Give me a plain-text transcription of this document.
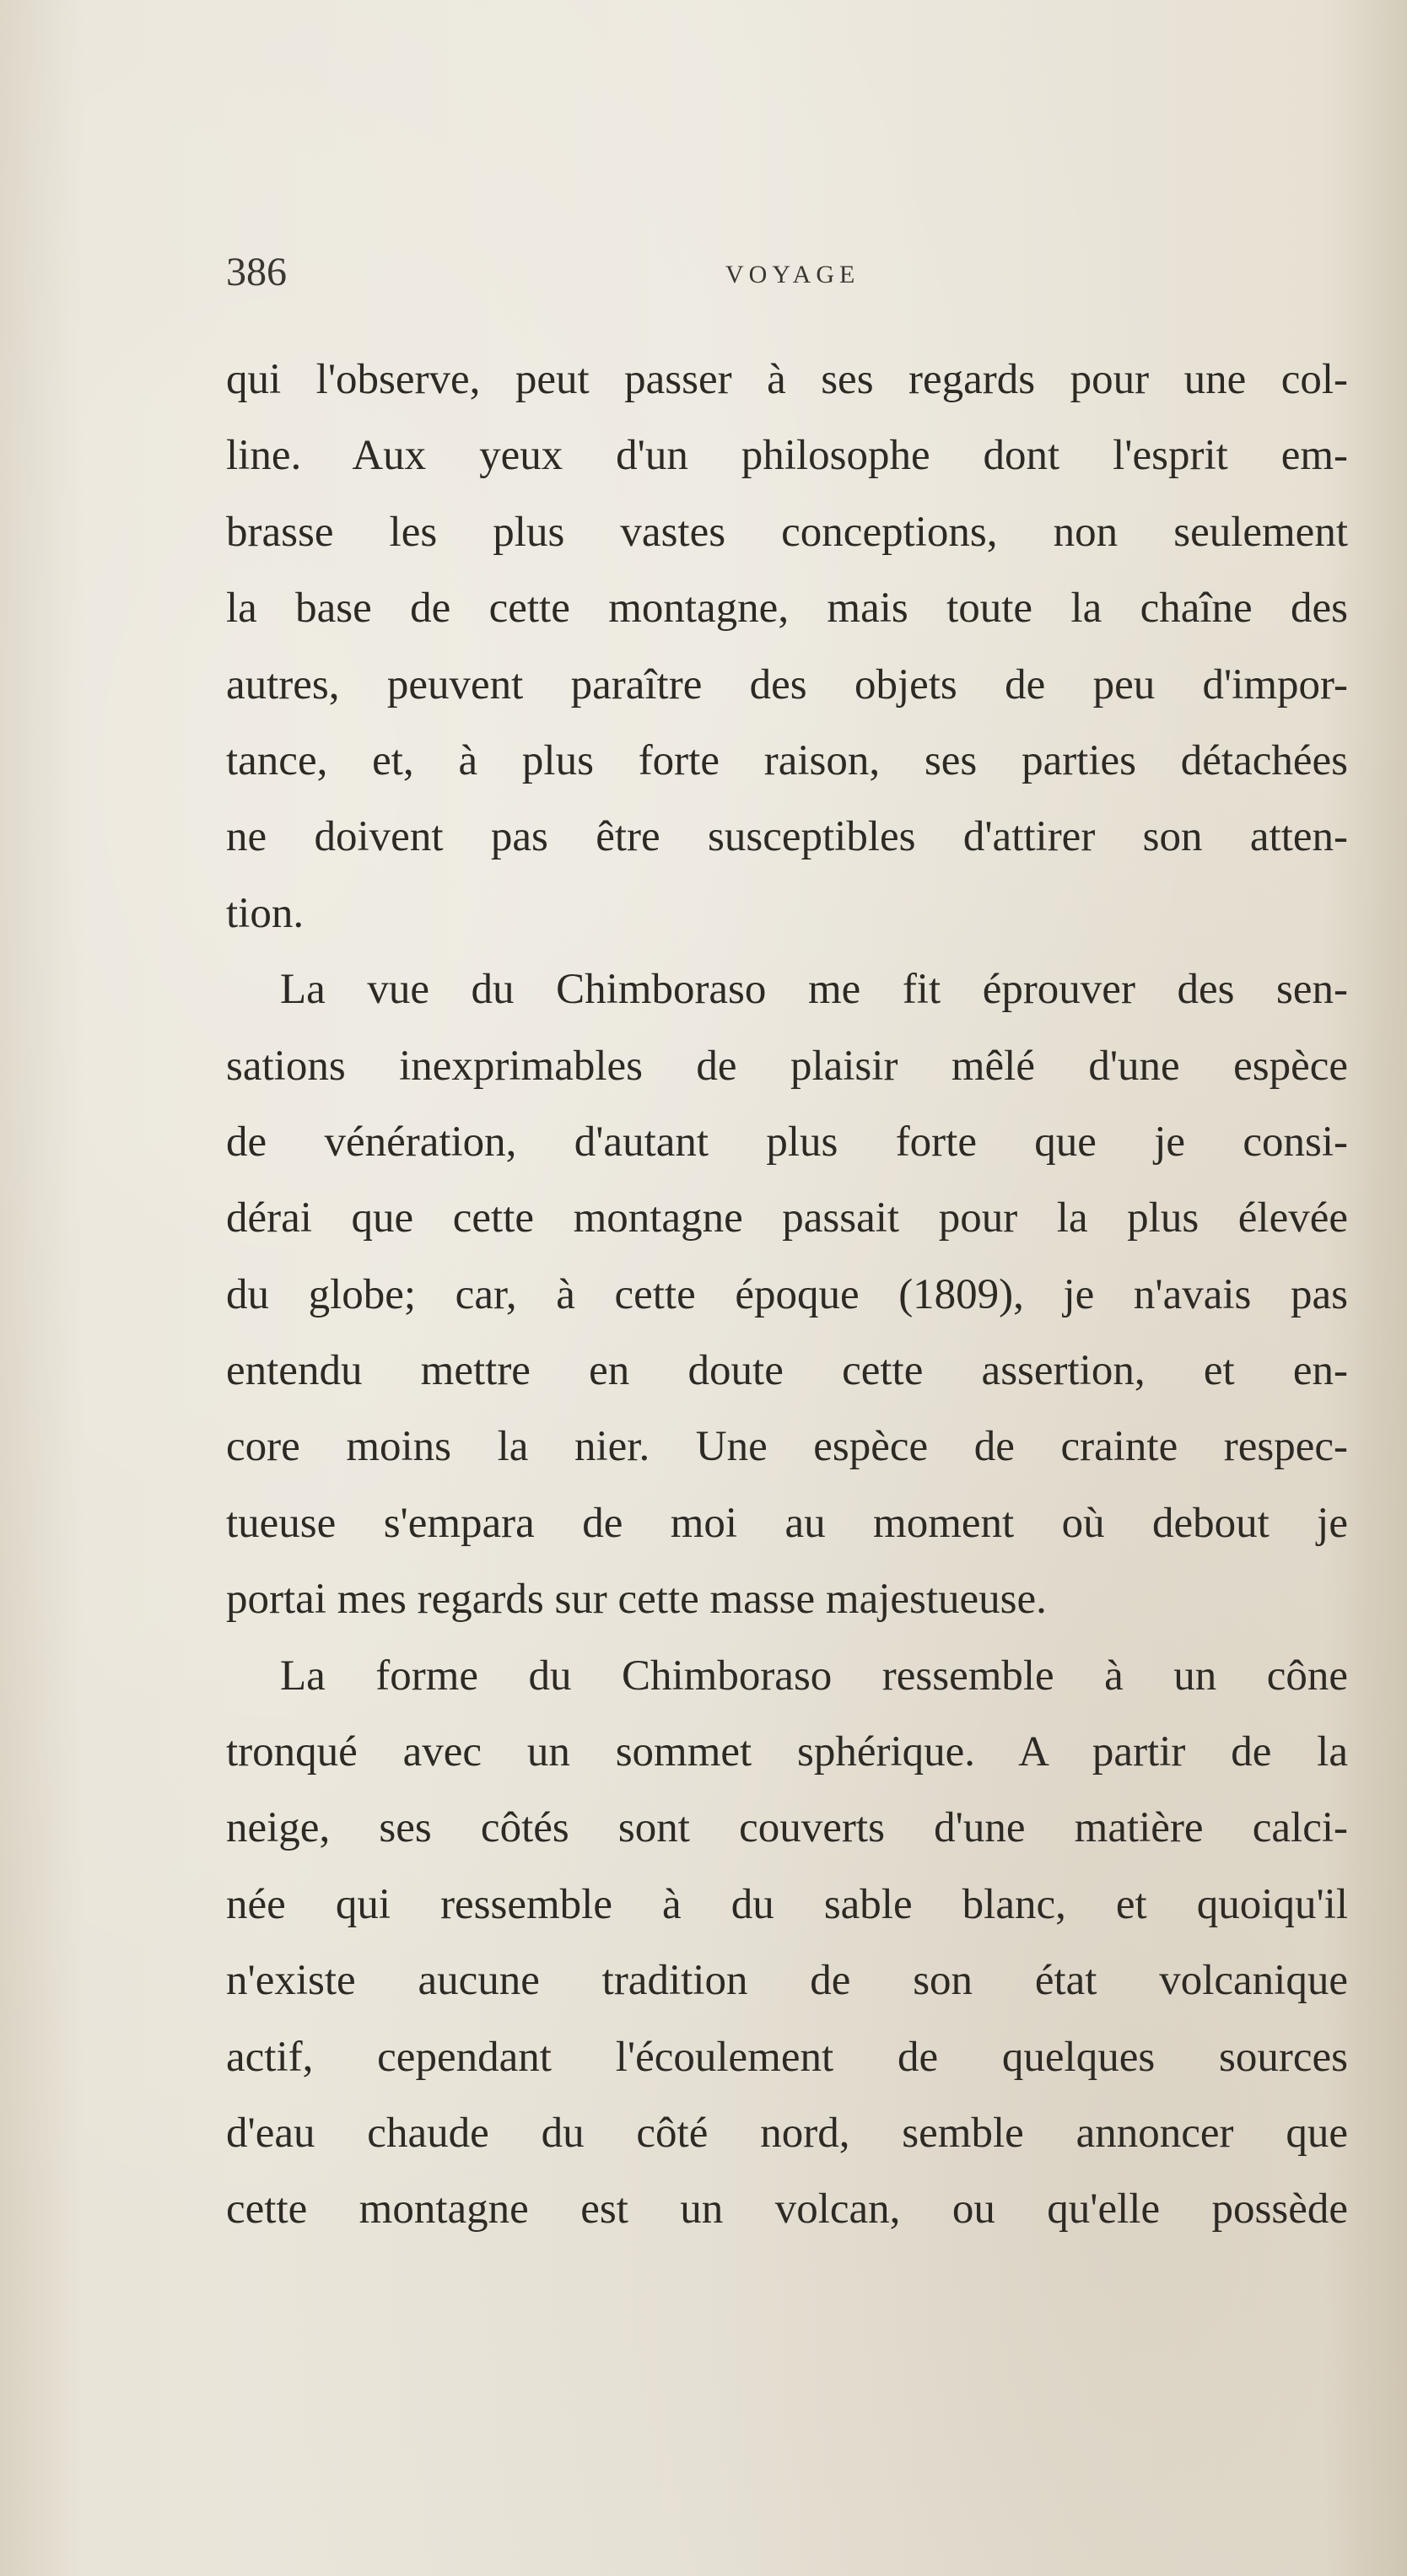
386	VOYAGE
qui l'observe, peut passer à ses regards pour une col-
line. Aux yeux d'un philosophe dont l'esprit em-
brasse les plus vastes conceptions, non seulement
la base de cette montagne, mais toute la chaîne des
autres, peuvent paraître des objets de peu d'impor-
tance, et, à plus forte raison, ses parties détachées
ne doivent pas être susceptibles d'attirer son atten-
tion.
La vue du Chimboraso me fit éprouver des sen-
sations inexprimables de plaisir mêlé d'une espèce
de vénération, d'autant plus forte que je consi-
dérai que cette montagne passait pour la plus élevée
du globe; car, à cette époque (1809), je n'avais pas
entendu mettre en doute cette assertion, et en-
core moins la nier. Une espèce de crainte respec-
tueuse s'empara de moi au moment où debout je
portai mes regards sur cette masse majestueuse.
La forme du Chimboraso ressemble à un cône
tronqué avec un sommet sphérique. A partir de la
neige, ses côtés sont couverts d'une matière calci-
née qui ressemble à du sable blanc, et quoiqu'il
n'existe aucune tradition de son état volcanique
actif, cependant l'écoulement de quelques sources
d'eau chaude du côté nord, semble annoncer que
cette montagne est un volcan, ou qu'elle possède
